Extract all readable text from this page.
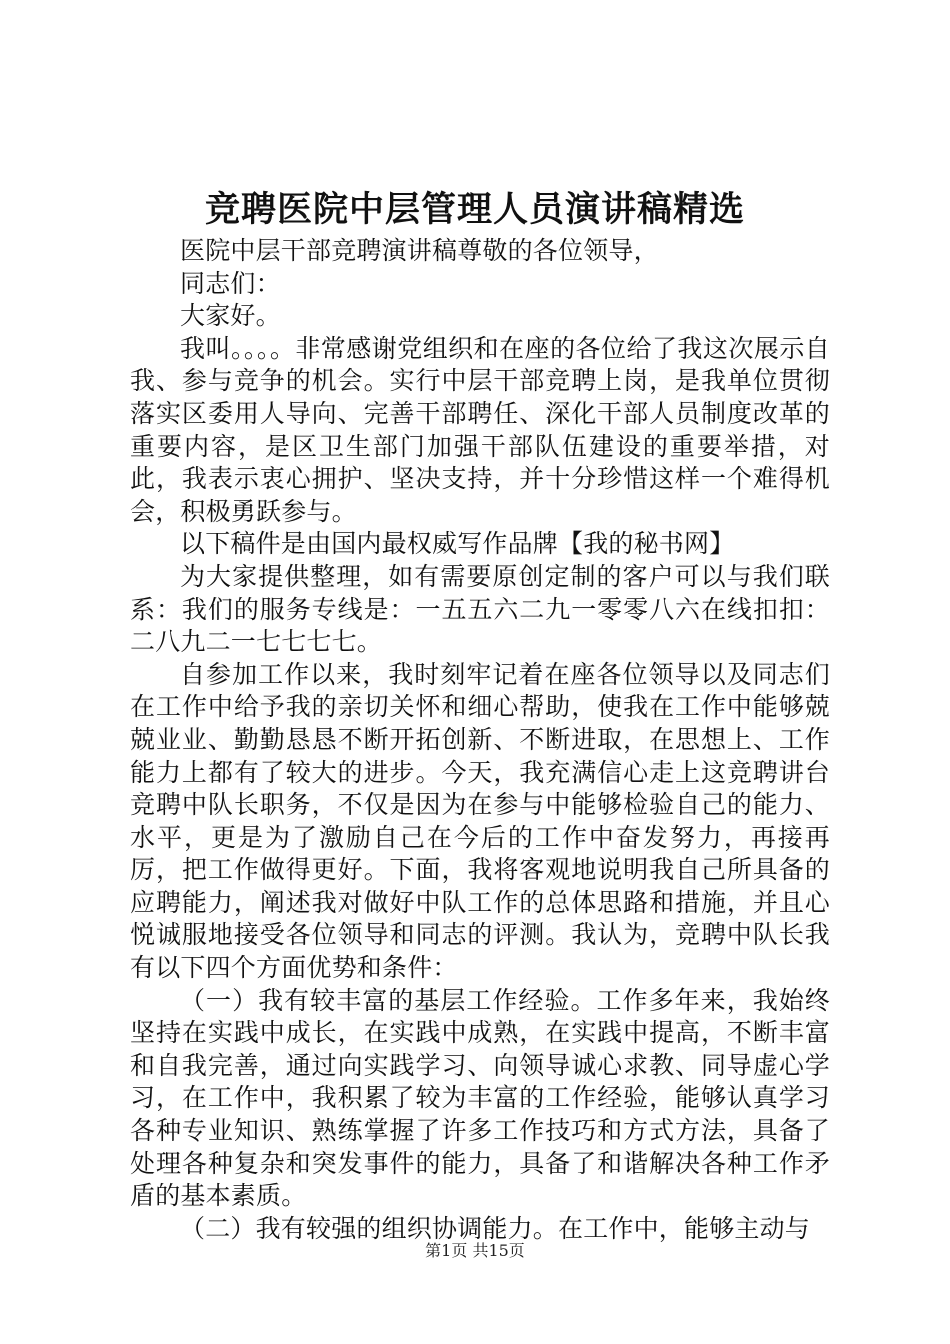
竞聘医院中层管理人员演讲稿精选

医院中层干部竞聘演讲稿尊敬的各位领导，

同志们：

大家好。

我叫。。。。非常感谢党组织和在座的各位给了我这次展示自我、参与竞争的机会。实行中层干部竞聘上岗，是我单位贯彻落实区委用人导向、完善干部聘任、深化干部人员制度改革的重要内容，是区卫生部门加强干部队伍建设的重要举措，对此，我表示衷心拥护、坚决支持，并十分珍惜这样一个难得机会，积极勇跃参与。

以下稿件是由国内最权威写作品牌【我的秘书网】

为大家提供整理，如有需要原创定制的客户可以与我们联系：我们的服务专线是：一五五六二九一零零八六在线扣扣：二八九二一七七七七。

自参加工作以来，我时刻牢记着在座各位领导以及同志们在工作中给予我的亲切关怀和细心帮助，使我在工作中能够兢兢业业、勤勤恳恳不断开拓创新、不断进取，在思想上、工作能力上都有了较大的进步。今天，我充满信心走上这竞聘讲台竞聘中队长职务，不仅是因为在参与中能够检验自己的能力、水平，更是为了激励自己在今后的工作中奋发努力，再接再厉，把工作做得更好。下面，我将客观地说明我自己所具备的应聘能力，阐述我对做好中队工作的总体思路和措施，并且心悦诚服地接受各位领导和同志的评测。我认为，竞聘中队长我有以下四个方面优势和条件：

（一）我有较丰富的基层工作经验。工作多年来，我始终坚持在实践中成长，在实践中成熟，在实践中提高，不断丰富和自我完善，通过向实践学习、向领导诚心求教、同导虚心学习，在工作中，我积累了较为丰富的工作经验，能够认真学习各种专业知识、熟练掌握了许多工作技巧和方式方法，具备了处理各种复杂和突发事件的能力，具备了和谐解决各种工作矛盾的基本素质。

（二）我有较强的组织协调能力。在工作中，能够主动与

第1页 共15页
